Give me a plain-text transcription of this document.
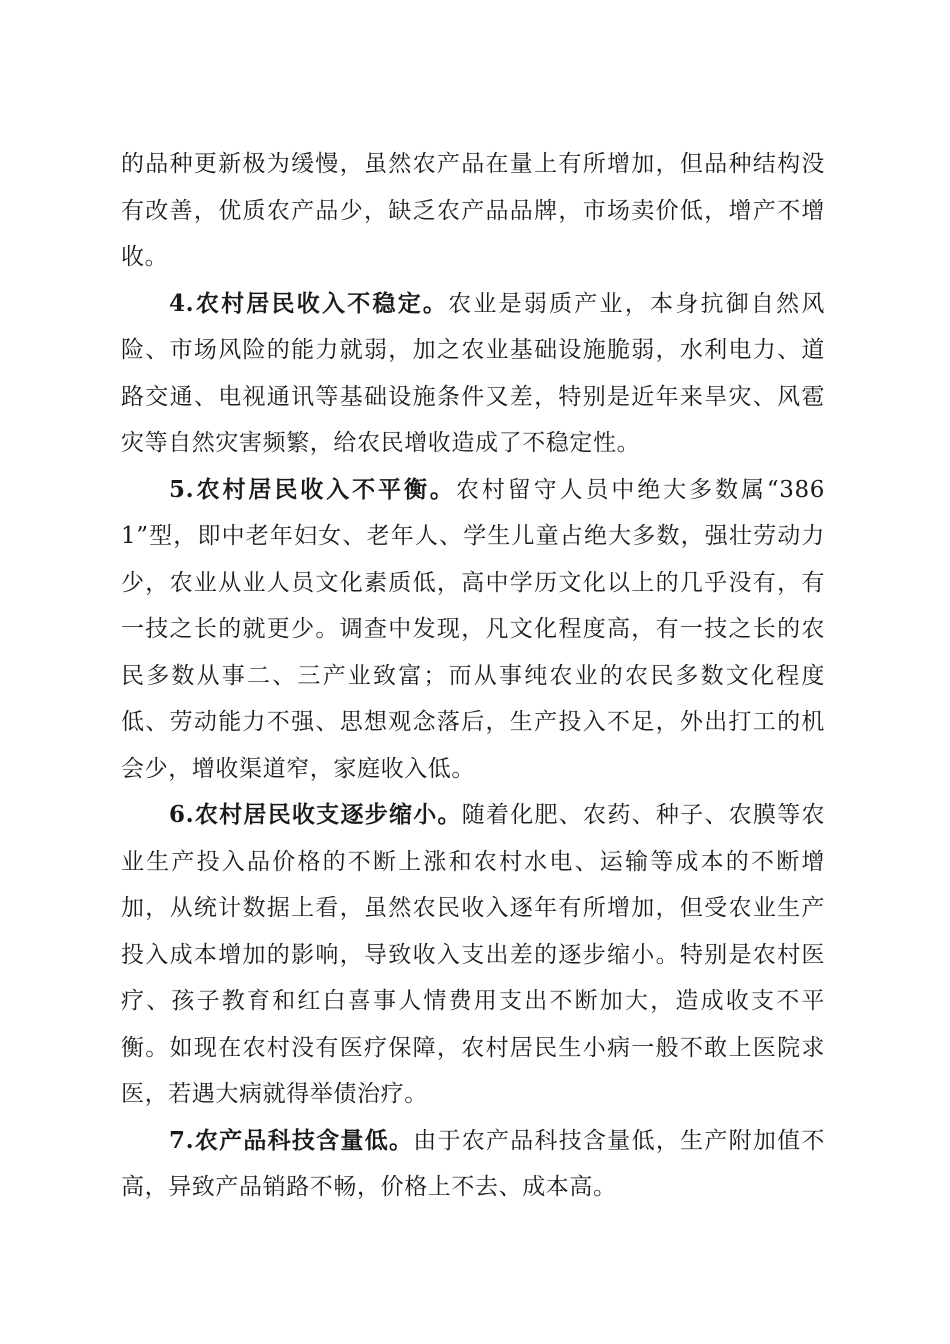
的品种更新极为缓慢，虽然农产品在量上有所增加，但品种结构没有改善，优质农产品少，缺乏农产品品牌，市场卖价低，增产不增收。

4.农村居民收入不稳定。农业是弱质产业，本身抗御自然风险、市场风险的能力就弱，加之农业基础设施脆弱，水利电力、道路交通、电视通讯等基础设施条件又差，特别是近年来旱灾、风雹灾等自然灾害频繁，给农民增收造成了不稳定性。

5.农村居民收入不平衡。农村留守人员中绝大多数属“3861”型，即中老年妇女、老年人、学生儿童占绝大多数，强壮劳动力少，农业从业人员文化素质低，高中学历文化以上的几乎没有，有一技之长的就更少。调查中发现，凡文化程度高，有一技之长的农民多数从事二、三产业致富；而从事纯农业的农民多数文化程度低、劳动能力不强、思想观念落后，生产投入不足，外出打工的机会少，增收渠道窄，家庭收入低。

6.农村居民收支逐步缩小。随着化肥、农药、种子、农膜等农业生产投入品价格的不断上涨和农村水电、运输等成本的不断增加，从统计数据上看，虽然农民收入逐年有所增加，但受农业生产投入成本增加的影响，导致收入支出差的逐步缩小。特别是农村医疗、孩子教育和红白喜事人情费用支出不断加大，造成收支不平衡。如现在农村没有医疗保障，农村居民生小病一般不敢上医院求医，若遇大病就得举债治疗。

7.农产品科技含量低。由于农产品科技含量低，生产附加值不高，异致产品销路不畅，价格上不去、成本高。
